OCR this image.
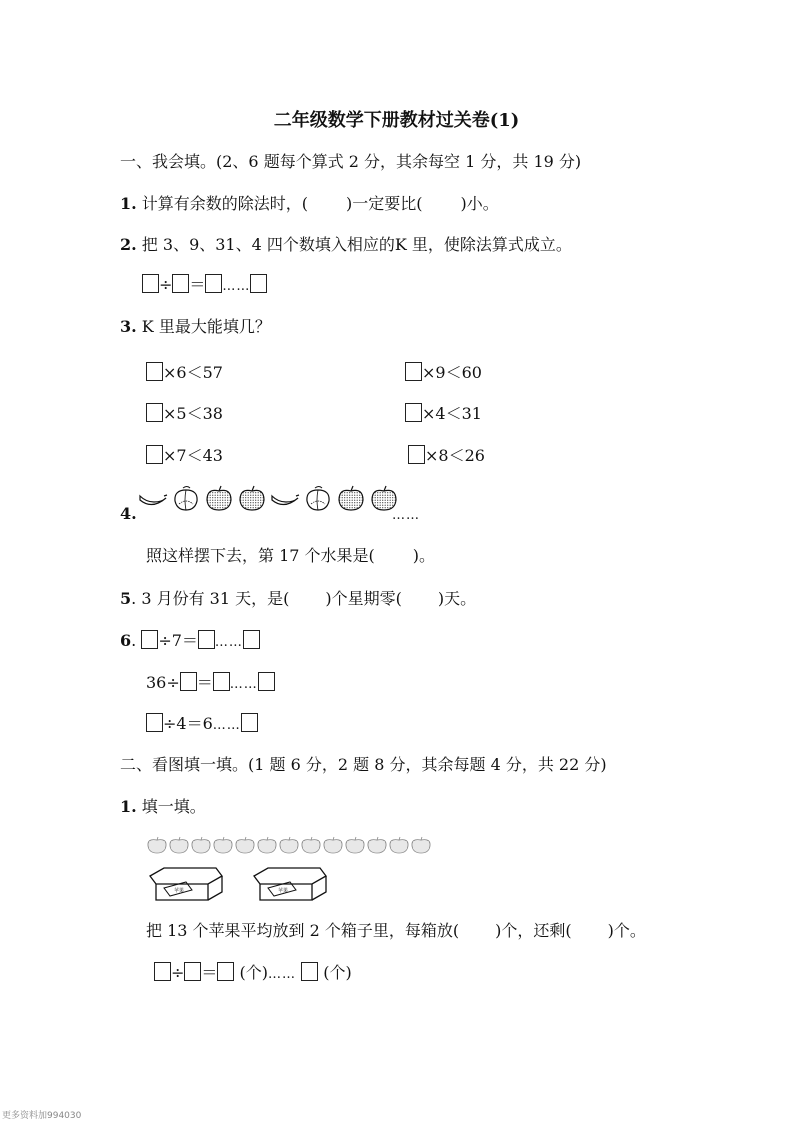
二年级数学下册教材过关卷(1)
一、我会填。(2、6 题每个算式 2 分，其余每空 1 分，共 19 分)
1. 计算有余数的除法时，( )一定要比( )小。
2. 把 3、9、31、4 四个数填入相应的K 里，使除法算式成立。
÷ ＝ ……
3. K 里最大能填几？
×6＜57	×9＜60
×5＜38	×4＜31
×7＜43	×8＜26
4.	……
照这样摆下去，第 17 个水果是( )。
5. 3 月份有 31 天，是( )个星期零( )天。
6. ÷7＝ ……
36÷ ＝ ……
÷4＝6……
二、看图填一填。(1 题 6 分，2 题 8 分，其余每题 4 分，共 22 分)
1. 填一填。
苹果	苹果
把 13 个苹果平均放到 2 个箱子里，每箱放( )个，还剩( )个。
÷ ＝ (个)…… (个)
更多资料加994030
